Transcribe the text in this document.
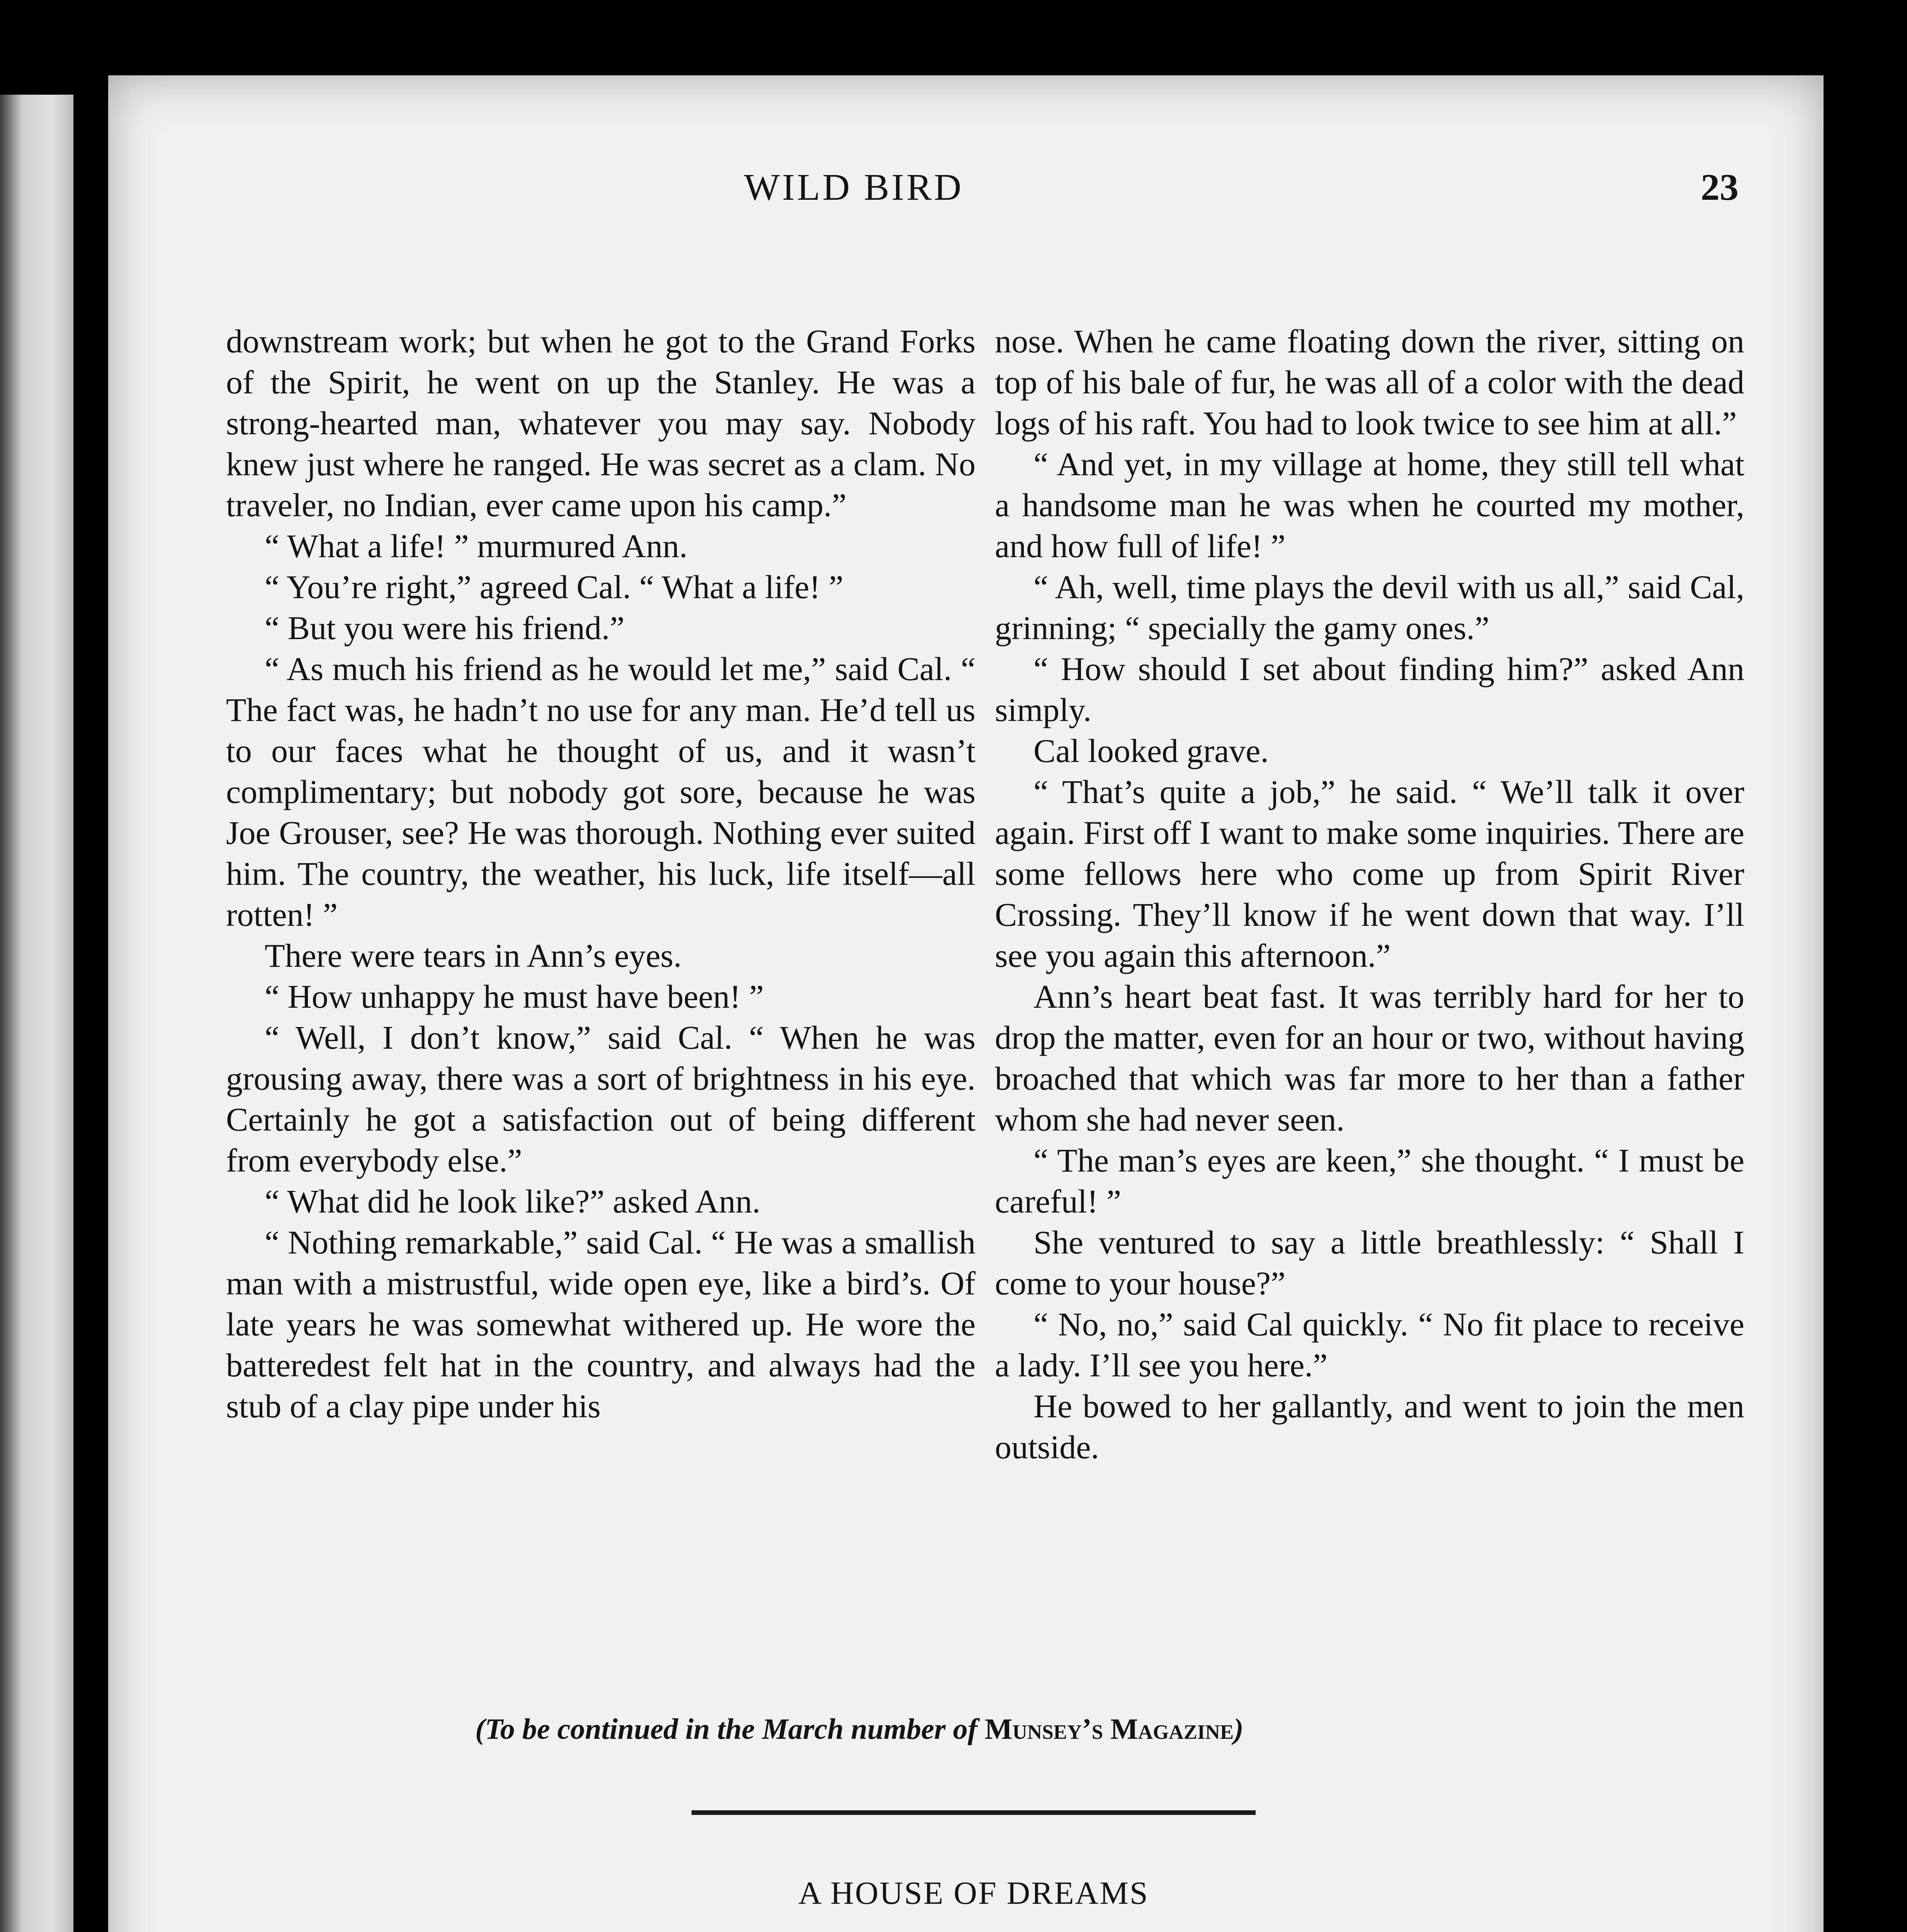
WILD BIRD	23

downstream work; but when he got to the Grand Forks of the Spirit, he went on up the Stanley. He was a strong-hearted man, whatever you may say. Nobody knew just where he ranged. He was secret as a clam. No traveler, no Indian, ever came upon his camp.”

“ What a life! ” murmured Ann.

“ You’re right,” agreed Cal. “ What a life! ”

“ But you were his friend.”

“ As much his friend as he would let me,” said Cal. “ The fact was, he hadn’t no use for any man. He’d tell us to our faces what he thought of us, and it wasn’t complimentary; but nobody got sore, because he was Joe Grouser, see? He was thorough. Nothing ever suited him. The country, the weather, his luck, life itself—all rotten! ”

There were tears in Ann’s eyes.

“ How unhappy he must have been! ”

“ Well, I don’t know,” said Cal. “ When he was grousing away, there was a sort of brightness in his eye. Certainly he got a satisfaction out of being different from everybody else.”

“ What did he look like?” asked Ann.

“ Nothing remarkable,” said Cal. “ He was a smallish man with a mistrustful, wide open eye, like a bird’s. Of late years he was somewhat withered up. He wore the batteredest felt hat in the country, and always had the stub of a clay pipe under his

nose. When he came floating down the river, sitting on top of his bale of fur, he was all of a color with the dead logs of his raft. You had to look twice to see him at all.”

“ And yet, in my village at home, they still tell what a handsome man he was when he courted my mother, and how full of life! ”

“ Ah, well, time plays the devil with us all,” said Cal, grinning; “ specially the gamy ones.”

“ How should I set about finding him?” asked Ann simply.

Cal looked grave.

“ That’s quite a job,” he said. “ We’ll talk it over again. First off I want to make some inquiries. There are some fellows here who come up from Spirit River Crossing. They’ll know if he went down that way. I’ll see you again this afternoon.”

Ann’s heart beat fast. It was terribly hard for her to drop the matter, even for an hour or two, without having broached that which was far more to her than a father whom she had never seen.

“ The man’s eyes are keen,” she thought. “ I must be careful! ”

She ventured to say a little breathlessly: “ Shall I come to your house?”

“ No, no,” said Cal quickly. “ No fit place to receive a lady. I’ll see you here.”

He bowed to her gallantly, and went to join the men outside.

(To be continued in the March number of Munsey’s Magazine)
A HOUSE OF DREAMS
